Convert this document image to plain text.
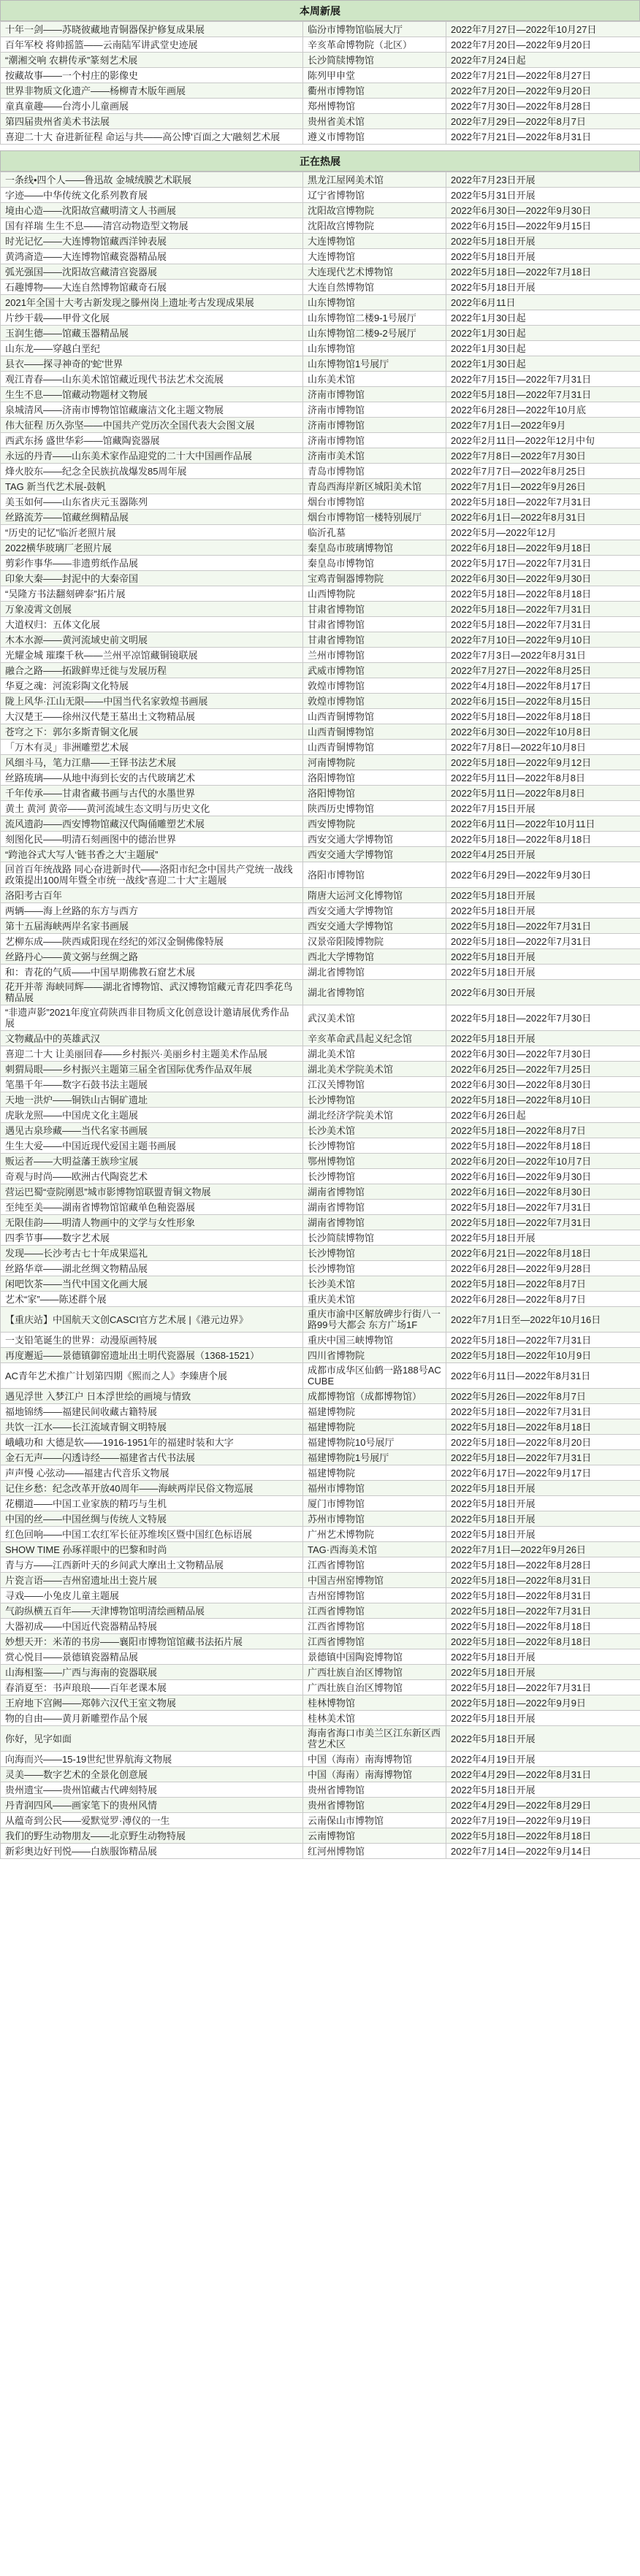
本周新展
十年一剑——苏晓彼藏地青铜器保护修复成果展	临汾市博物馆临展大厅	2022年7月27日—2022年10月27日
百年军校 将帅摇篮——云南陆军讲武堂史迹展	辛亥革命博物院（北区）	2022年7月20日—2022年9月20日
“潮湘交响 农耕传承”篆刻艺术展	长沙简牍博物馆	2022年7月24日起
按藏故事——一个村庄的影像史	陈列甲申堂	2022年7月21日—2022年8月27日
世界非物质文化遗产——杨柳青木版年画展	衢州市博物馆	2022年7月20日—2022年9月20日
童真童趣——台湾小儿童画展	郑州博物馆	2022年7月30日—2022年8月28日
第四届贵州省美术书法展	贵州省美术馆	2022年7月29日—2022年8月7日
喜迎二十大 奋进新征程 命运与共——高公博'百面之大'融刻艺术展	遵义市博物馆	2022年7月21日—2022年8月31日
正在热展
一条线•四个人——鲁迅故 金城绒膜艺术联展	黑龙江屋网美术馆	2022年7月23日开展
字迹——中华传统文化系列教育展	辽宁省博物馆	2022年5月31日开展
境由心造——沈阳故宫藏明清文人书画展	沈阳故宫博物院	2022年6月30日—2022年9月30日
国有祥瑞 生生不息——清宫动物造型文物展	沈阳故宫博物院	2022年6月15日—2022年9月15日
时光记忆——大连博物馆藏西洋钟表展	大连博物馆	2022年5月18日开展
黄鸿斋造——大连博物馆藏瓷器精品展	大连博物馆	2022年5月18日开展
弧光强国——沈阳故宫藏清宫瓷器展	大连现代艺术博物馆	2022年5月18日—2022年7月18日
石趣博物——大连自然博物馆藏奇石展	大连自然博物馆	2022年5月18日开展
2021年全国十大考古新发现之滕州岗上遗址考古发现成果展	山东博物馆	2022年6月11日
片纱干载——甲骨文化展	山东博物馆二楼9-1号展厅	2022年1月30日起
玉润生德——馆藏玉器精品展	山东博物馆二楼9-2号展厅	2022年1月30日起
山东龙——穿越白垩纪	山东博物馆	2022年1月30日起
县衣——探寻神奇的'蛇'世界	山东博物馆1号展厅	2022年1月30日起
观江青春——山东美术馆馆藏近现代书法艺术交流展	山东美术馆	2022年7月15日—2022年7月31日
生生不息——馆藏动物题材文物展	济南市博物馆	2022年5月18日—2022年7月31日
泉城清风——济南市博物馆馆藏廉洁文化主题文物展	济南市博物馆	2022年6月28日—2022年10月底
伟大征程 历久弥坚——中国共产党历次全国代表大会图文展	济南市博物馆	2022年7月1日—2022年9月
西武东扬 盛世华彩——馆藏陶瓷器展	济南市博物馆	2022年2月11日—2022年12月中旬
永远的丹青——山东美术家作品迎党的二十大中国画作品展	济南市美术馆	2022年7月8日—2022年7月30日
烽火胶东——纪念全民族抗战爆发85周年展	青岛市博物馆	2022年7月7日—2022年8月25日
TAG 新当代艺术展-鼓帆	青岛西海岸新区城阳美术馆	2022年7月1日—2022年9月26日
美玉如何——山东省庆元玉器陈列	烟台市博物馆	2022年5月18日—2022年7月31日
丝路流芳——馆藏丝绸精品展	烟台市博物馆一楼特别展厅	2022年6月1日—2022年8月31日
“历史的记忆”临沂老照片展	临沂孔墓	2022年5月—2022年12月
2022横华玻璃厂老照片展	秦皇岛市玻璃博物馆	2022年6月18日—2022年9月18日
剪彩作事华——非遗剪纸作品展	秦皇岛市博物馆	2022年5月17日—2022年7月31日
印象大秦——封泥中的大秦帝国	宝鸡青铜器博物院	2022年6月30日—2022年9月30日
“吴隆方书法翻刻碑泰”拓片展	山西博物院	2022年5月18日—2022年8月18日
万象凌霄文创展	甘肃省博物馆	2022年5月18日—2022年7月31日
大道权归：五体文化展	甘肃省博物馆	2022年5月18日—2022年7月31日
木本水源——黄河流域史前文明展	甘肃省博物馆	2022年7月10日—2022年9月10日
光耀金城 璀璨千秋——兰州平凉馆藏铜镜联展	兰州市博物馆	2022年7月3日—2022年8月31日
融合之路——拓跋鲜卑迁徙与发展历程	武威市博物馆	2022年7月27日—2022年8月25日
华夏之魂：河流彩陶文化特展	敦煌市博物馆	2022年4月18日—2022年8月17日
陇上风华·江山无限——中国当代名家敦煌书画展	敦煌市博物馆	2022年6月15日—2022年8月15日
大汉楚王——徐州汉代楚王墓出土文物精品展	山西青铜博物馆	2022年5月18日—2022年8月18日
苍穹之下：郭尔多斯青铜文化展	山西青铜博物馆	2022年6月30日—2022年10月8日
「万木有灵」非洲雕塑艺术展	山西青铜博物馆	2022年7月8日—2022年10月8日
风细斗马，笔力江鼎——王铎书法艺术展	河南博物院	2022年5月18日—2022年9月12日
丝路琉璃——从地中海到长安的古代玻璃艺术	洛阳博物馆	2022年5月11日—2022年8月8日
千年传承——甘肃省藏书画与古代的水墨世界	洛阳博物馆	2022年5月11日—2022年8月8日
黄土 黄河 黄帝——黄河流域生态文明与历史文化	陕西历史博物馆	2022年7月15日开展
流风遗韵——西安博物馆藏汉代陶俑雕塑艺术展	西安博物院	2022年6月11日—2022年10月11日
刻图化民——明清石刻画图中的德治世界	西安交通大学博物馆	2022年5月18日—2022年8月18日
“跨池谷式大写人‘链书香之大’主题展”	西安交通大学博物馆	2022年4月25日开展
回首百年统战路 同心奋进新时代——洛阳市纪念中国共产党统一战线政策提出100周年暨全市统一战线“喜迎二十大”主题展	洛阳市博物馆	2022年6月29日—2022年9月30日
洛阳考古百年	隋唐大运河文化博物馆	2022年5月18日开展
两辆——海上丝路的东方与西方	西安交通大学博物馆	2022年5月18日开展
第十五届海峡两岸名家书画展	西安交通大学博物馆	2022年5月18日—2022年7月31日
艺柳东成——陕西咸阳现在经纪的郊汉金铜佛像特展	汉景帝阳陵博物院	2022年5月18日—2022年7月31日
丝路丹心——黄文弼与丝绸之路	西北大学博物馆	2022年5月18日开展
和：青花的气质——中国早期佛教石窟艺术展	湖北省博物馆	2022年5月18日开展
花开并蒂 海峡同辉——湖北省博物馆、武汉博物馆藏元青花四季花鸟精品展	湖北省博物馆	2022年6月30日开展
“非遗声影”2021年度宜荷陕西非目物质文化创意设计邀请展优秀作品展	武汉美术馆	2022年5月18日—2022年7月30日
文物藏品中的英雄武汉	辛亥革命武昌起义纪念馆	2022年5月18日开展
喜迎二十大 让美丽回春——乡村振兴·美丽乡村主题美术作品展	湖北美术馆	2022年6月30日—2022年7月30日
刺猬局眼——乡村振兴主题第三届全省国际优秀作品双年展	湖北美术学院美术馆	2022年6月25日—2022年7月25日
笔墨千年——数字石鼓书法主题展	江汉关博物馆	2022年6月30日—2022年8月30日
天地一洪炉——铜铁山古铜矿遗址	长沙博物馆	2022年5月18日—2022年8月10日
虎耿龙照——中国虎文化主题展	湖北经济学院美术馆	2022年6月26日起
遇见古泉珍藏——当代名家书画展	长沙美术馆	2022年5月18日—2022年8月7日
生生大爱——中国近现代爱国主题书画展	长沙博物馆	2022年5月18日—2022年8月18日
贩运者——大明益藩王族珍宝展	鄂州博物馆	2022年6月20日—2022年10月7日
奇观与时尚——欧洲古代陶瓷艺术	长沙博物馆	2022年6月16日—2022年9月30日
营运巴蜀“壹院刚恩”城市影博物馆联盟青铜文物展	湖南省博物馆	2022年6月16日—2022年8月30日
至纯至美——湖南省博物馆馆藏单色釉瓷器展	湖南省博物馆	2022年5月18日—2022年7月31日
无限佳韵——明清人物画中的文学与女性形象	湖南省博物馆	2022年5月18日—2022年7月31日
四季节事——数字艺术展	长沙简牍博物馆	2022年5月18日开展
发现——长沙考古七十年成果巡礼	长沙博物馆	2022年6月21日—2022年8月18日
丝路华章——湖北丝绸文物精品展	长沙博物馆	2022年6月28日—2022年9月28日
闲吧饮茶——当代中国文化画大展	长沙美术馆	2022年5月18日—2022年8月7日
艺术“家”——陈述群个展	重庆美术馆	2022年6月28日—2022年8月7日
【重庆站】中国航天文创CASCI官方艺术展 |《港元边界》	重庆市渝中区解放碑步行街八一路99号大都会 东方广场1F	2022年7月1日至—2022年10月16日
一支铅笔诞生的世界：动漫原画特展	重庆中国三峡博物馆	2022年5月18日—2022年7月31日
再度邂逅——景德镇御窑遗址出土明代瓷器展（1368-1521）	四川省博物院	2022年5月18日—2022年10月9日
AC青年艺术推广计划第四期《熙而之人》李臻唐个展	成都市成华区仙鹤一路188号AC CUBE	2022年6月11日—2022年8月31日
遇见浮世 入梦江户 日本浮世绘的画境与情致	成都博物馆（成都博物馆）	2022年5月26日—2022年8月7日
福地锦绣——福建民间收藏古籍特展	福建博物院	2022年5月18日—2022年7月31日
共饮一江水——长江流域青铜文明特展	福建博物院	2022年5月18日—2022年8月18日
峨峨功和 大德是软——1916-1951年的福建时装和大字	福建博物院10号展厅	2022年5月18日—2022年8月20日
金石无声——闪透诗经——福建省古代书法展	福建博物院1号展厅	2022年5月18日—2022年7月31日
声声慢 心弦动——福建古代音乐文物展	福建博物院	2022年6月17日—2022年9月17日
记住乡愁：纪念改革开放40周年——海峡两岸民俗文物巡展	福州市博物馆	2022年5月18日开展
花棚道——中国工业家族的精巧与生机	厦门市博物馆	2022年5月18日开展
中国的丝——中国丝绸与传统人文特展	苏州市博物馆	2022年5月18日开展
红色回响——中国工农红军长征苏维埃区暨中国红色标语展	广州艺术博物院	2022年5月18日开展
SHOW TIME 孙琢祥眼中的巴黎和时尚	TAG·西海美术馆	2022年7月1日—2022年9月26日
青与方——江西新叶天的乡间武大摩出土文物精品展	江西省博物馆	2022年5月18日—2022年8月28日
片瓷言语——吉州窑遗址出土瓷片展	中国吉州窑博物馆	2022年5月18日—2022年8月31日
寻戏——小兔皮儿童主题展	吉州窑博物馆	2022年5月18日—2022年8月31日
气韵纵横五百年——天津博物馆明清绘画精品展	江西省博物馆	2022年5月18日—2022年7月31日
大器初成——中国近代瓷器精品特展	江西省博物馆	2022年5月18日—2022年8月18日
妙想天开：米芾的书房——襄阳市博物馆馆藏书法拓片展	江西省博物馆	2022年5月18日—2022年8月18日
赏心悦目——景德镇瓷器精品展	景德镇中国陶瓷博物馆	2022年5月18日开展
山海相鉴——广西与海南的瓷器联展	广西壮族自治区博物馆	2022年5月18日开展
春消夏至：书声琅琅——百年老课本展	广西壮族自治区博物馆	2022年5月18日—2022年7月31日
王府地下宫阙——郑韩六汉代王室文物展	桂林博物馆	2022年5月18日—2022年9月9日
物的自由——黄月新雕塑作品个展	桂林美术馆	2022年5月18日开展
你好，见字如面	海南省海口市美兰区江东新区西营艺术区	2022年5月18日开展
向海而兴——15-19世纪世界航海文物展	中国（海南）南海博物馆	2022年4月19日开展
灵美——数字艺术的全景化创意展	中国（海南）南海博物馆	2022年4月29日—2022年8月31日
贵州遗宝——贵州馆藏古代碑刻特展	贵州省博物馆	2022年5月18日开展
丹青润四风——画家笔下的贵州风情	贵州省博物馆	2022年4月29日—2022年8月29日
从蕴奇到公民——爱默觉罗·溥仪的一生	云南保山市博物馆	2022年7月19日—2022年9月19日
我们的野生动物朋友——北京野生动物特展	云南博物馆	2022年5月18日—2022年8月18日
新彩奥边好刊悦——白族服饰精品展	红河州博物馆	2022年7月14日—2022年9月14日
